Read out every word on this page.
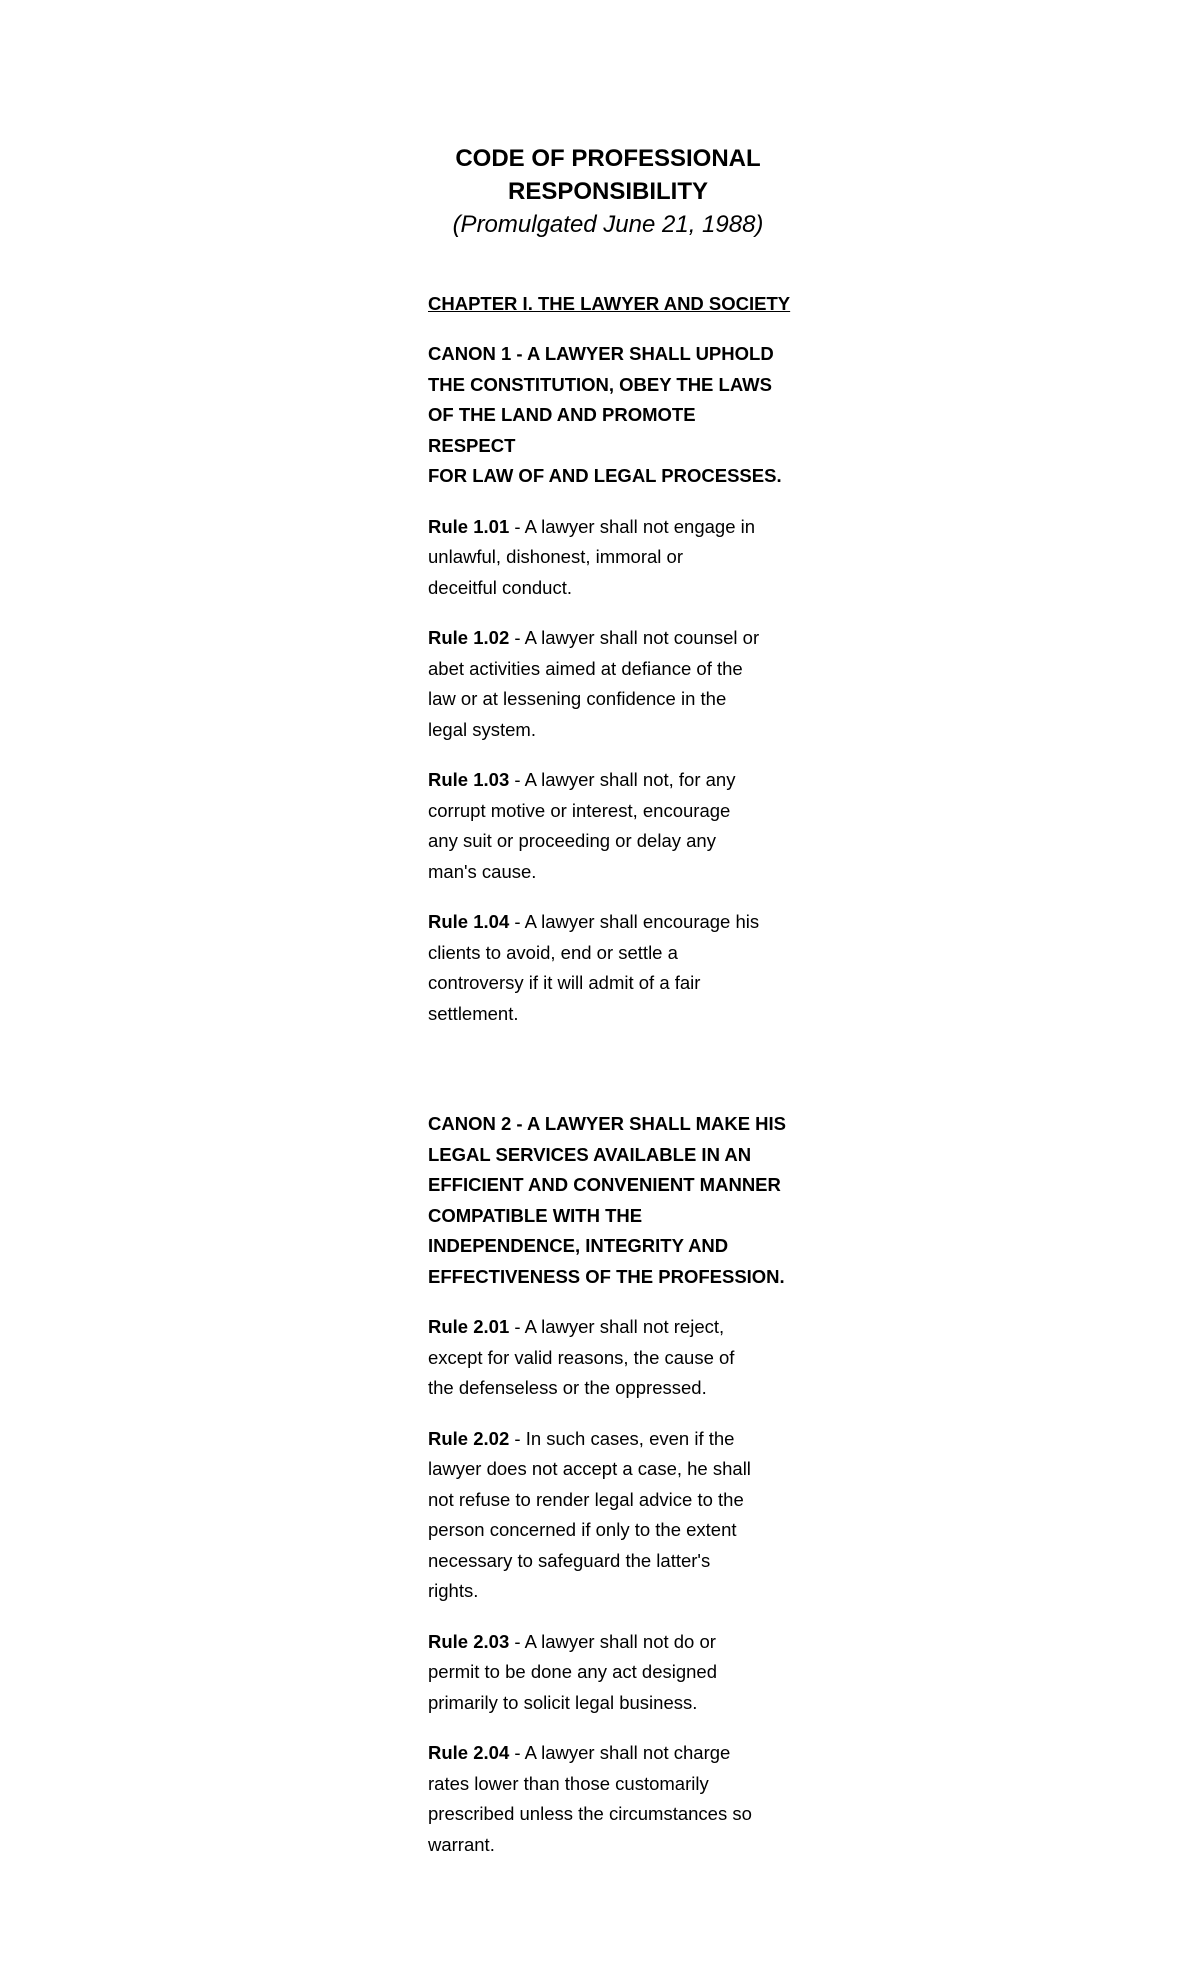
CODE OF PROFESSIONAL

RESPONSIBILITY

(Promulgated June 21, 1988)

CHAPTER I. THE LAWYER AND SOCIETY

CANON 1 - A LAWYER SHALL UPHOLD
THE CONSTITUTION, OBEY THE LAWS
OF THE LAND AND PROMOTE RESPECT
FOR LAW OF AND LEGAL PROCESSES.

Rule 1.01 - A lawyer shall not engage in
unlawful, dishonest, immoral or
deceitful conduct.

Rule 1.02 - A lawyer shall not counsel or
abet activities aimed at defiance of the
law or at lessening confidence in the
legal system.

Rule 1.03 - A lawyer shall not, for any
corrupt motive or interest, encourage
any suit or proceeding or delay any
man's cause.

Rule 1.04 - A lawyer shall encourage his
clients to avoid, end or settle a
controversy if it will admit of a fair
settlement.

CANON 2 - A LAWYER SHALL MAKE HIS
LEGAL SERVICES AVAILABLE IN AN
EFFICIENT AND CONVENIENT MANNER
COMPATIBLE WITH THE
INDEPENDENCE, INTEGRITY AND
EFFECTIVENESS OF THE PROFESSION.

Rule 2.01 - A lawyer shall not reject,
except for valid reasons, the cause of
the defenseless or the oppressed.

Rule 2.02 - In such cases, even if the
lawyer does not accept a case, he shall
not refuse to render legal advice to the
person concerned if only to the extent
necessary to safeguard the latter's
rights.

Rule 2.03 - A lawyer shall not do or
permit to be done any act designed
primarily to solicit legal business.

Rule 2.04 - A lawyer shall not charge
rates lower than those customarily
prescribed unless the circumstances so
warrant.
